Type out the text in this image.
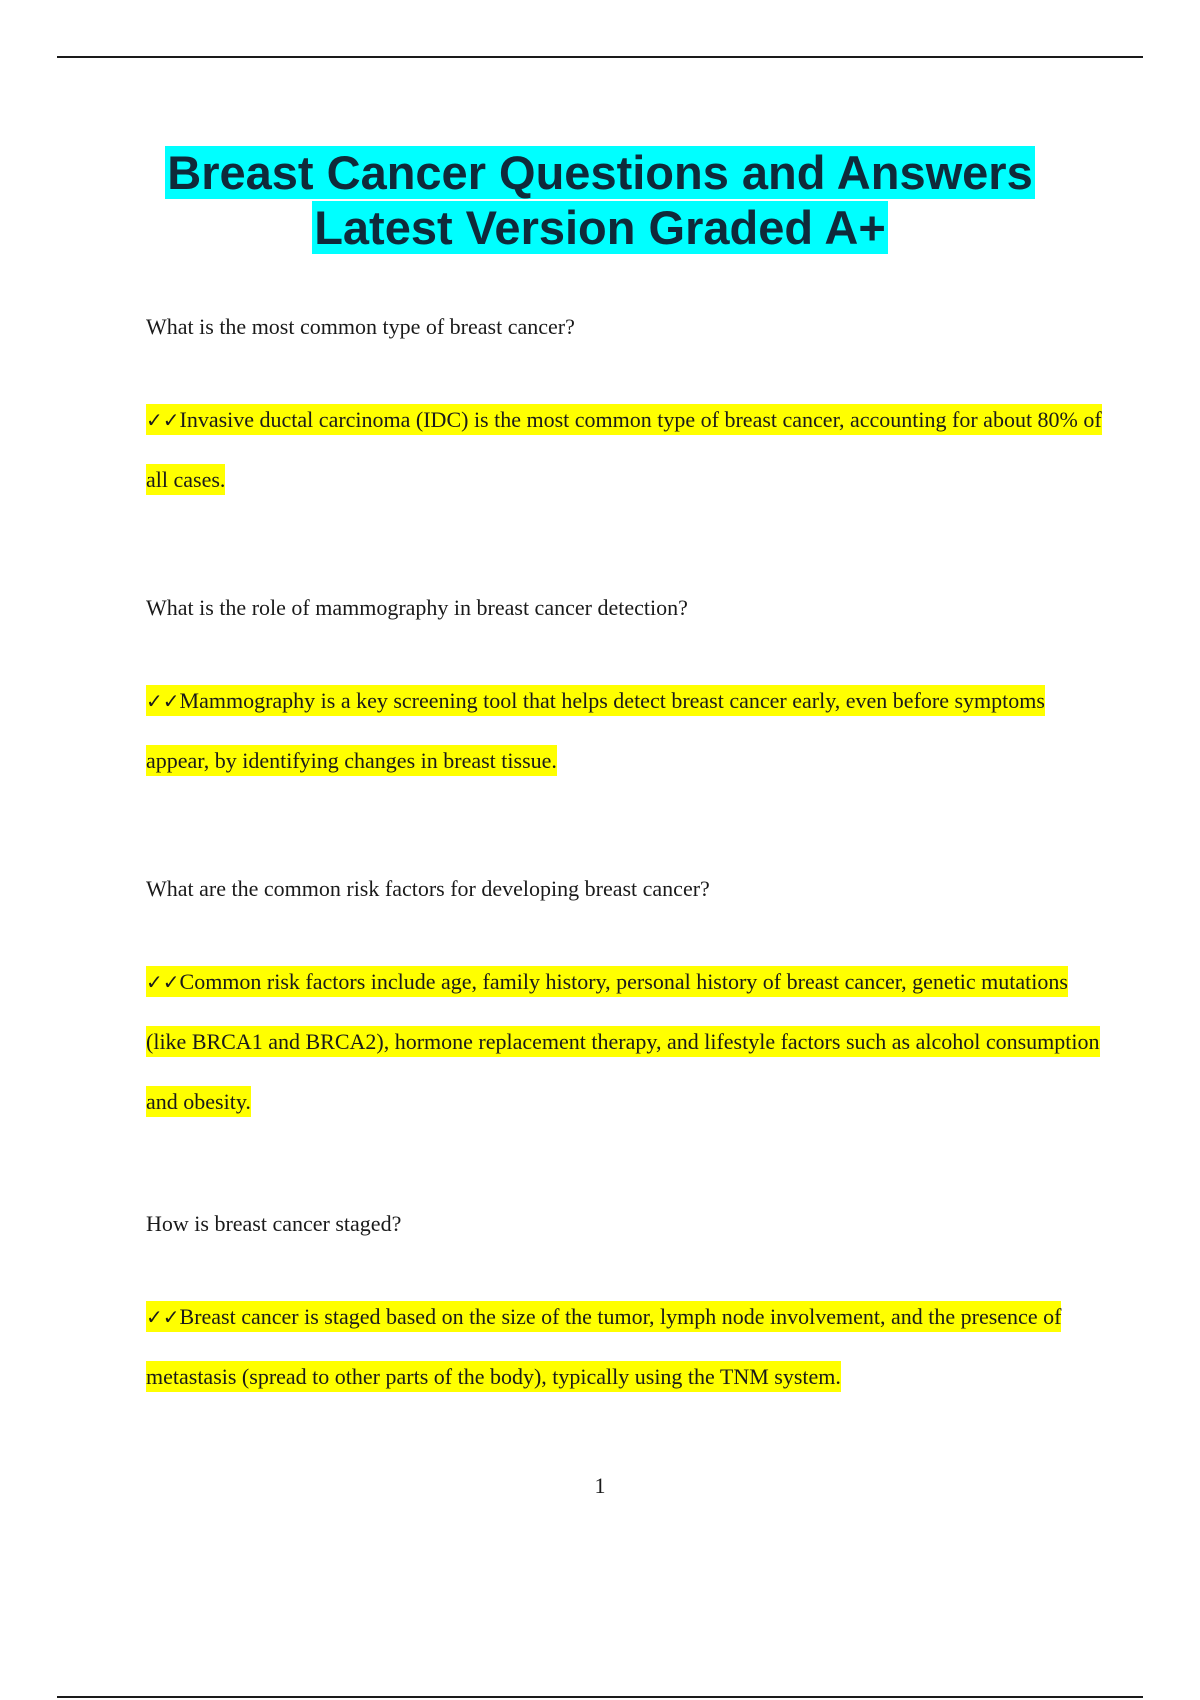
Breast Cancer Questions and Answers
Latest Version Graded A+

What is the most common type of breast cancer?

✓✓Invasive ductal carcinoma (IDC) is the most common type of breast cancer, accounting for about 80% of all cases.

What is the role of mammography in breast cancer detection?

✓✓Mammography is a key screening tool that helps detect breast cancer early, even before symptoms appear, by identifying changes in breast tissue.

What are the common risk factors for developing breast cancer?

✓✓Common risk factors include age, family history, personal history of breast cancer, genetic mutations (like BRCA1 and BRCA2), hormone replacement therapy, and lifestyle factors such as alcohol consumption and obesity.

How is breast cancer staged?

✓✓Breast cancer is staged based on the size of the tumor, lymph node involvement, and the presence of metastasis (spread to other parts of the body), typically using the TNM system.

1
